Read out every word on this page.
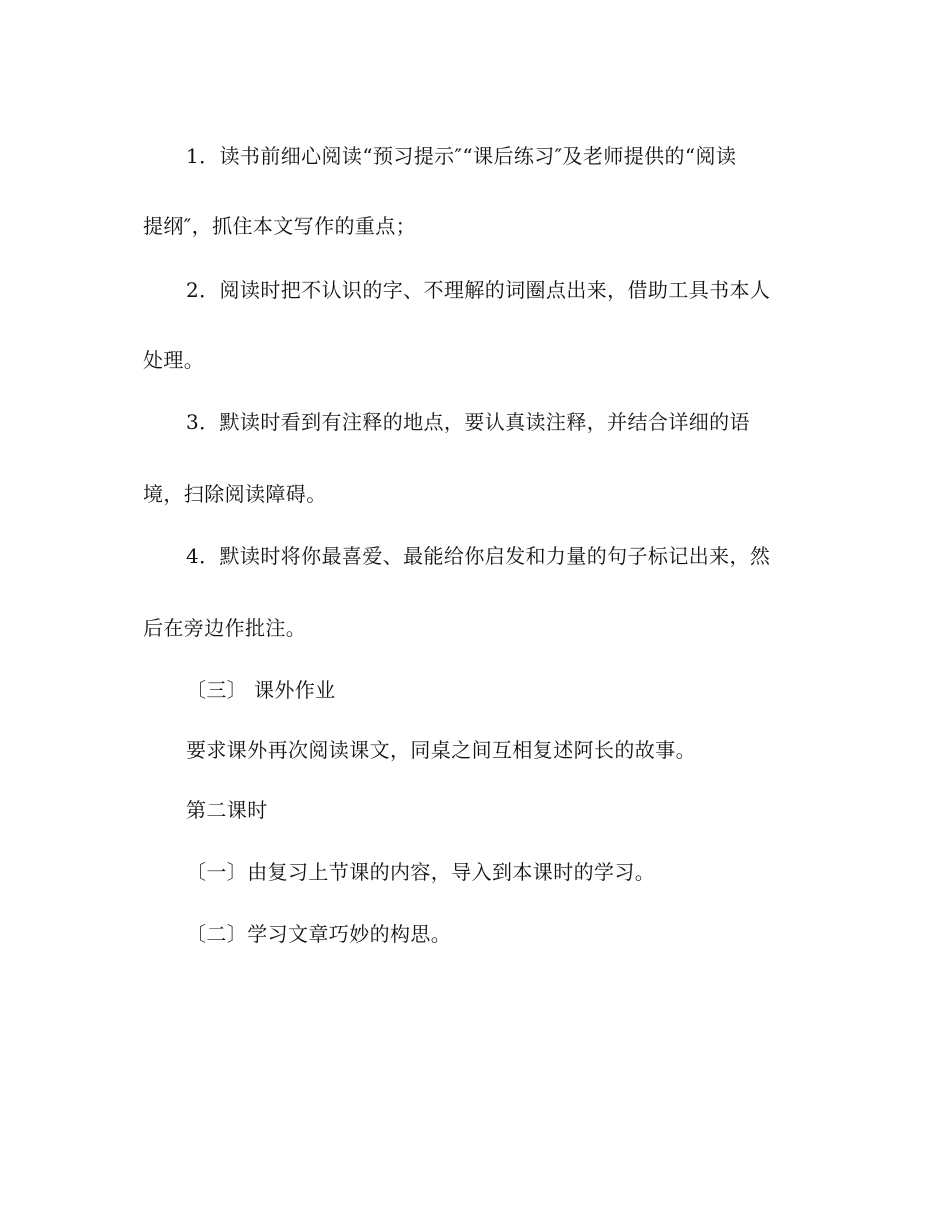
1．读书前细心阅读“预习提示″“课后练习″及老师提供的“阅读
提纲″，抓住本文写作的重点；
2．阅读时把不认识的字、不理解的词圈点出来，借助工具书本人
处理。
3．默读时看到有注释的地点，要认真读注释，并结合详细的语
境，扫除阅读障碍。
4．默读时将你最喜爱、最能给你启发和力量的句子标记出来，然
后在旁边作批注。
〔三〕 课外作业
要求课外再次阅读课文，同桌之间互相复述阿长的故事。
第二课时
〔一〕由复习上节课的内容，导入到本课时的学习。
〔二〕学习文章巧妙的构思。
